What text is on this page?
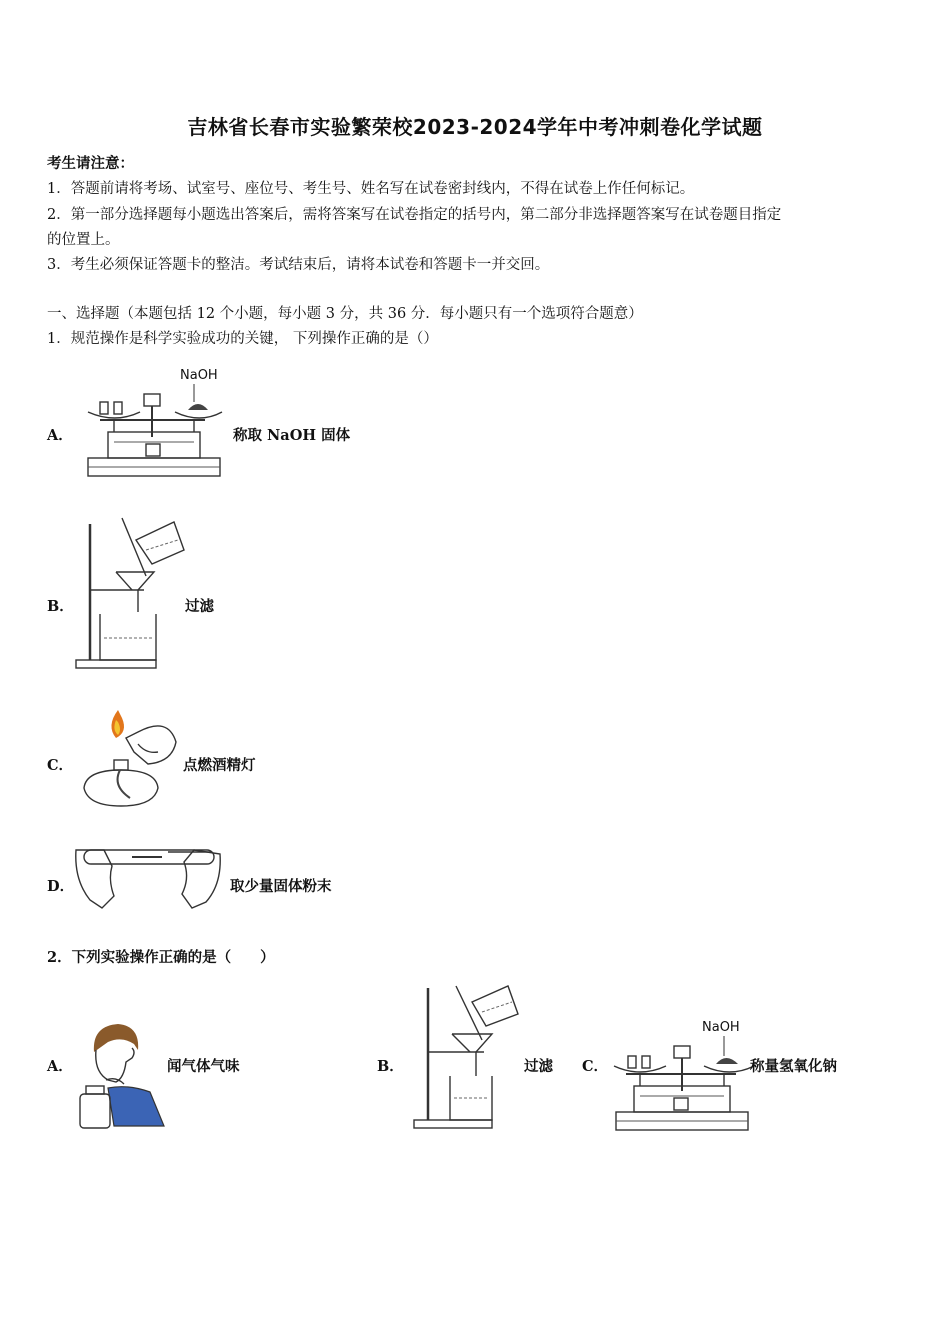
吉林省长春市实验繁荣校2023-2024学年中考冲刺卷化学试题
考生请注意：
1．答题前请将考场、试室号、座位号、考生号、姓名写在试卷密封线内，不得在试卷上作任何标记。
2．第一部分选择题每小题选出答案后，需将答案写在试卷指定的括号内，第二部分非选择题答案写在试卷题目指定
的位置上。
3．考生必须保证答题卡的整洁。考试结束后，请将本试卷和答题卡一并交回。
一、选择题（本题包括 12 个小题，每小题 3 分，共 36 分．每小题只有一个选项符合题意）
1．规范操作是科学实验成功的关键， 下列操作正确的是（）
A．
NaOH
称取 NaOH 固体
B．	过滤
C．	点燃酒精灯
D．	取少量固体粉末
2．下列实验操作正确的是（　　）
A．	闻气体气味	B．	过滤 C．
NaOH
称量氢氧化钠
